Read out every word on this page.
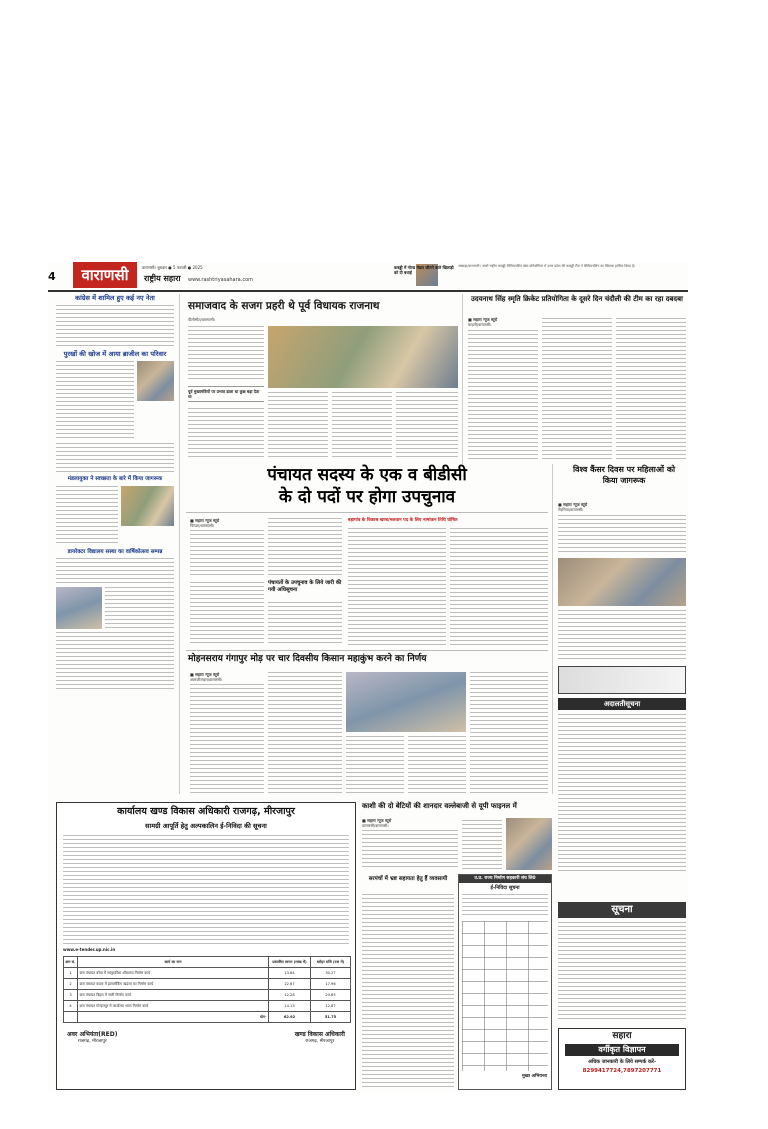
4	वाराणसी	वाराणसी। बुधवार ● 5 फरवरी ● 2025
राष्ट्रीय सहारा www.rashtriyasahara.com
कबड्डी में गोल्ड मेडल जीतने वाले खिलाड़ी को दी बधाई
अखाड़ा/वाराणसी। आर्यो राष्ट्रीय कबड्डी चैम्पियनशिप खेल प्रतियोगिता में उत्तर प्रदेश की कबड्डी टीम ने चैम्पियनशिप का खिताब हासिल किया है।
कांग्रेस में शामिल हुए कई नए नेता
पुरखों की खोज में आया ब्राजील का परिवार
मंडलायुक्त ने स्वच्छता के बारे में किया जागरूक
डायरेक्टर विद्यालय सस्था का वार्षिकोत्सव सम्पन्न
समाजवाद के सजग प्रहरी थे पूर्व विधायक राजनाथ
पीलीभीत/वाराणसी।
पूर्व मुख्यमंत्रियों पर प्रभाव डाला था कुछ बड़ा देता था
उदयनाथ सिंह स्मृति क्रिकेट प्रतियोगिता के दूसरे दिन चंदौली की टीम का रहा दबदबा
■ सहारा न्यूज ब्यूरो
बरहनी/वाराणसी।
पंचायत सदस्य के एक व बीडीसी
के दो पदों पर होगा उपचुनाव
विश्व कैंसर दिवस पर महिलाओं को किया जागरूक
■ सहारा न्यूज ब्यूरो
रोहनिया/वाराणसी।
■ सहारा न्यूज ब्यूरो
पिण्डरा/वाराणसी।
पंचायतों के उपचुनाव के लिये जारी की गयी अधिसूचना
बड़ागांव के विकास खण्ड/मलवान पद के लिए नामांकन तिथि घोषित
मोहनसराय गंगापुर मोड़ पर चार दिवसीय किसान महाकुंभ करने का निर्णय
■ सहारा न्यूज ब्यूरो
आराजीलाइन/वाराणसी।
अदालतीसूचना
सूचना
सहारा
वर्गीकृत विज्ञापन
अधिक जानकारी के लिये सम्पर्क करें-
8299417724,7897207771
कार्यालय खण्ड विकास अधिकारी राजगढ़, मीरजापुर
सामग्री आपूर्ति हेतु अल्पकालिन ई-निविदा की सूचना
www.e-tender.up.nic.in
क्रम सं.	कार्य का नाम	प्रस्तावित लागत (लाख में)	धरोहर राशि (रु0 में)
1	ग्राम पंचायत बरेवा में सामुदायिक शौचालय निर्माण कार्य	13.84	30.27
2	ग्राम पंचायत कठार में इंटरलॉकिंग खड़ंजा का निर्माण कार्य	22.67	17.96
3	ग्राम पंचायत बिहरा में नाली निर्माण कार्य	12.28	20.65
4	ग्राम पंचायत गोल्हनपुर में कार्यालय भवन निर्माण कार्य	14.13	12.87
	योग-	62.92	51.75
अवर अभियंता(RED)
राजगढ़, मीरजापुर
खण्ड विकास अधिकारी
राजगढ़, मीरजापुर
काशी की दो बेटियों की शानदार वल्लेबाजी से यूपी फाइनल में
■ सहारा न्यूज ब्यूरो
वाराणसी/वाराणसी।
सरपंचों में भ्रष्ट सहायता हेतु हैं व्यवसायी	उ.प्र. राज्य निर्माण सहकारी संघ लि0
ई-निविदा सूचना
मुख्य अभियन्ता
